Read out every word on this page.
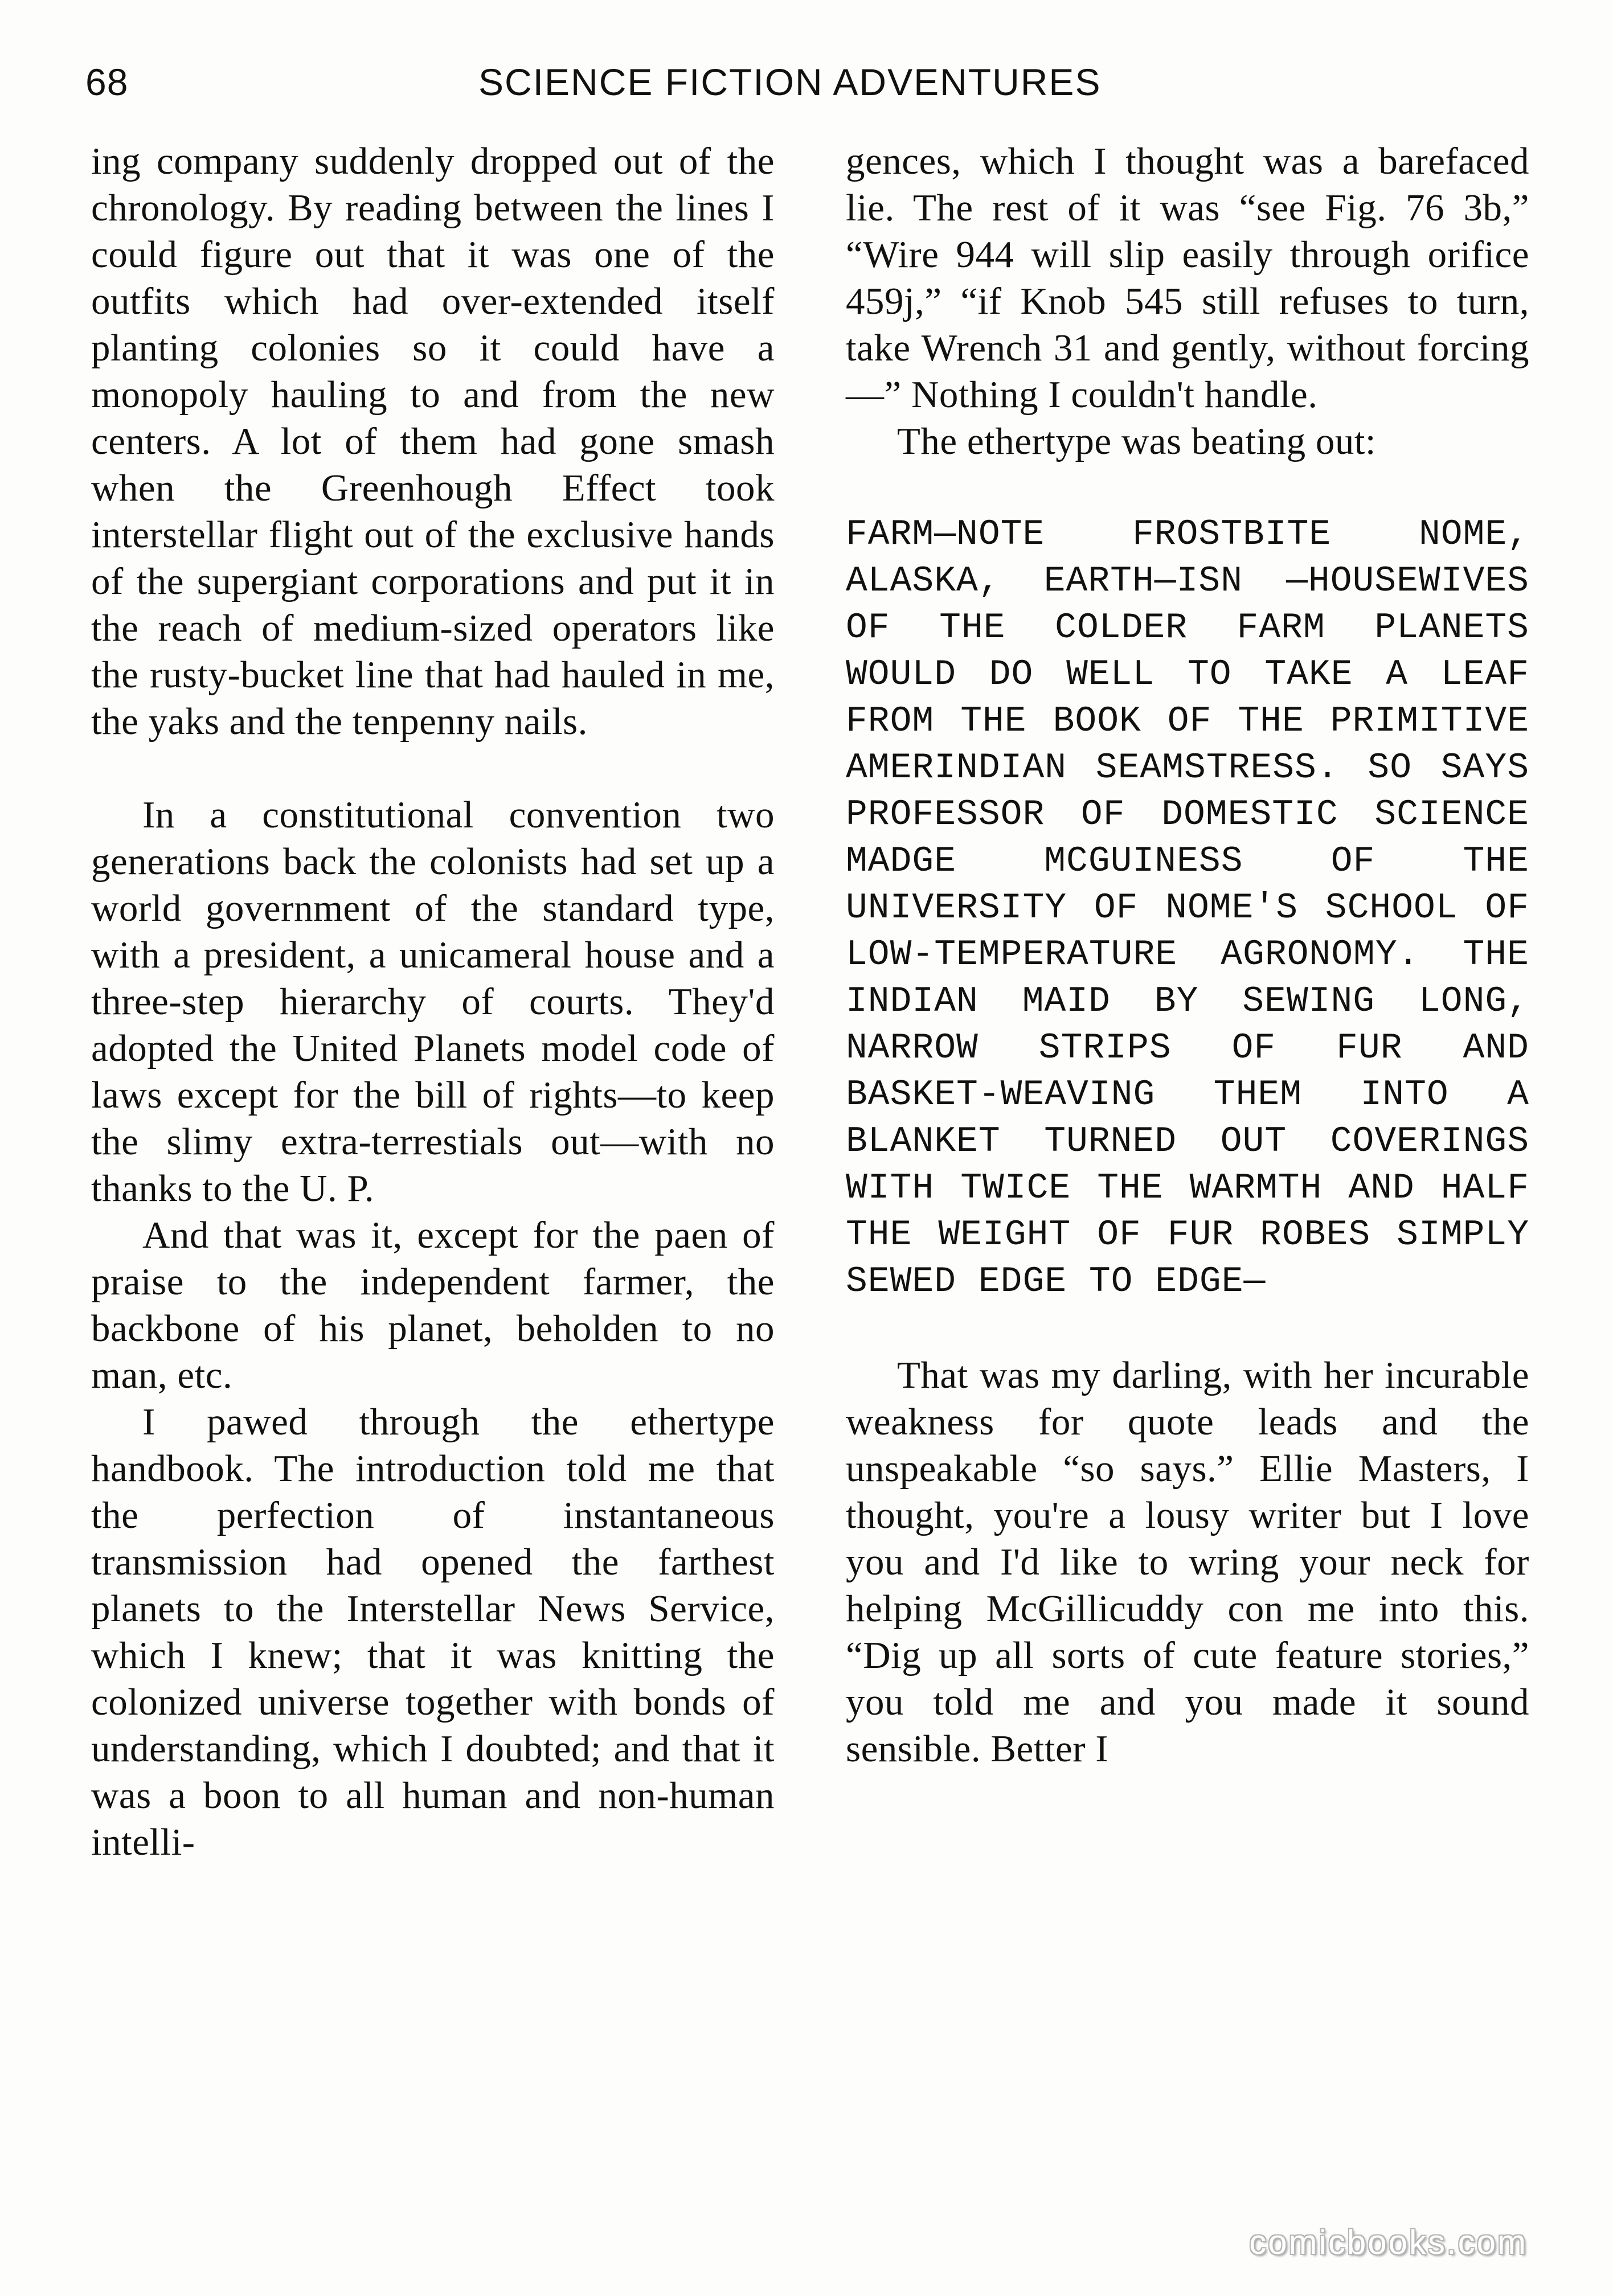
68	SCIENCE FICTION ADVENTURES

ing company suddenly dropped out of the chronology. By reading between the lines I could figure out that it was one of the outfits which had over-extended itself planting colonies so it could have a monopoly hauling to and from the new centers. A lot of them had gone smash when the Greenhough Effect took interstellar flight out of the exclusive hands of the supergiant corporations and put it in the reach of medium-sized operators like the rusty-bucket line that had hauled in me, the yaks and the tenpenny nails.

In a constitutional convention two generations back the colonists had set up a world government of the standard type, with a president, a unicameral house and a three-step hierarchy of courts. They'd adopted the United Planets model code of laws except for the bill of rights—to keep the slimy extra-terrestials out—with no thanks to the U. P.

And that was it, except for the paen of praise to the independent farmer, the backbone of his planet, beholden to no man, etc.

I pawed through the ethertype handbook. The introduction told me that the perfection of instantaneous transmission had opened the farthest planets to the Interstellar News Service, which I knew; that it was knitting the colonized universe together with bonds of understanding, which I doubted; and that it was a boon to all human and non-human intelli-

gences, which I thought was a barefaced lie. The rest of it was “see Fig. 76 3b,” “Wire 944 will slip easily through orifice 459j,” “if Knob 545 still refuses to turn, take Wrench 31 and gently, without forcing—” Nothing I couldn't handle.

The ethertype was beating out:

FARM—NOTE FROSTBITE NOME, ALASKA, EARTH—ISN —HOUSEWIVES OF THE COLDER FARM PLANETS WOULD DO WELL TO TAKE A LEAF FROM THE BOOK OF THE PRIMITIVE AMERINDIAN SEAMSTRESS. SO SAYS PROFESSOR OF DOMESTIC SCIENCE MADGE MCGUINESS OF THE UNIVERSITY OF NOME'S SCHOOL OF LOW-TEMPERATURE AGRONOMY. THE INDIAN MAID BY SEWING LONG, NARROW STRIPS OF FUR AND BASKET-WEAVING THEM INTO A BLANKET TURNED OUT COVERINGS WITH TWICE THE WARMTH AND HALF THE WEIGHT OF FUR ROBES SIMPLY SEWED EDGE TO EDGE—

That was my darling, with her incurable weakness for quote leads and the unspeakable “so says.” Ellie Masters, I thought, you're a lousy writer but I love you and I'd like to wring your neck for helping McGillicuddy con me into this. “Dig up all sorts of cute feature stories,” you told me and you made it sound sensible. Better I

comicbooks.com
